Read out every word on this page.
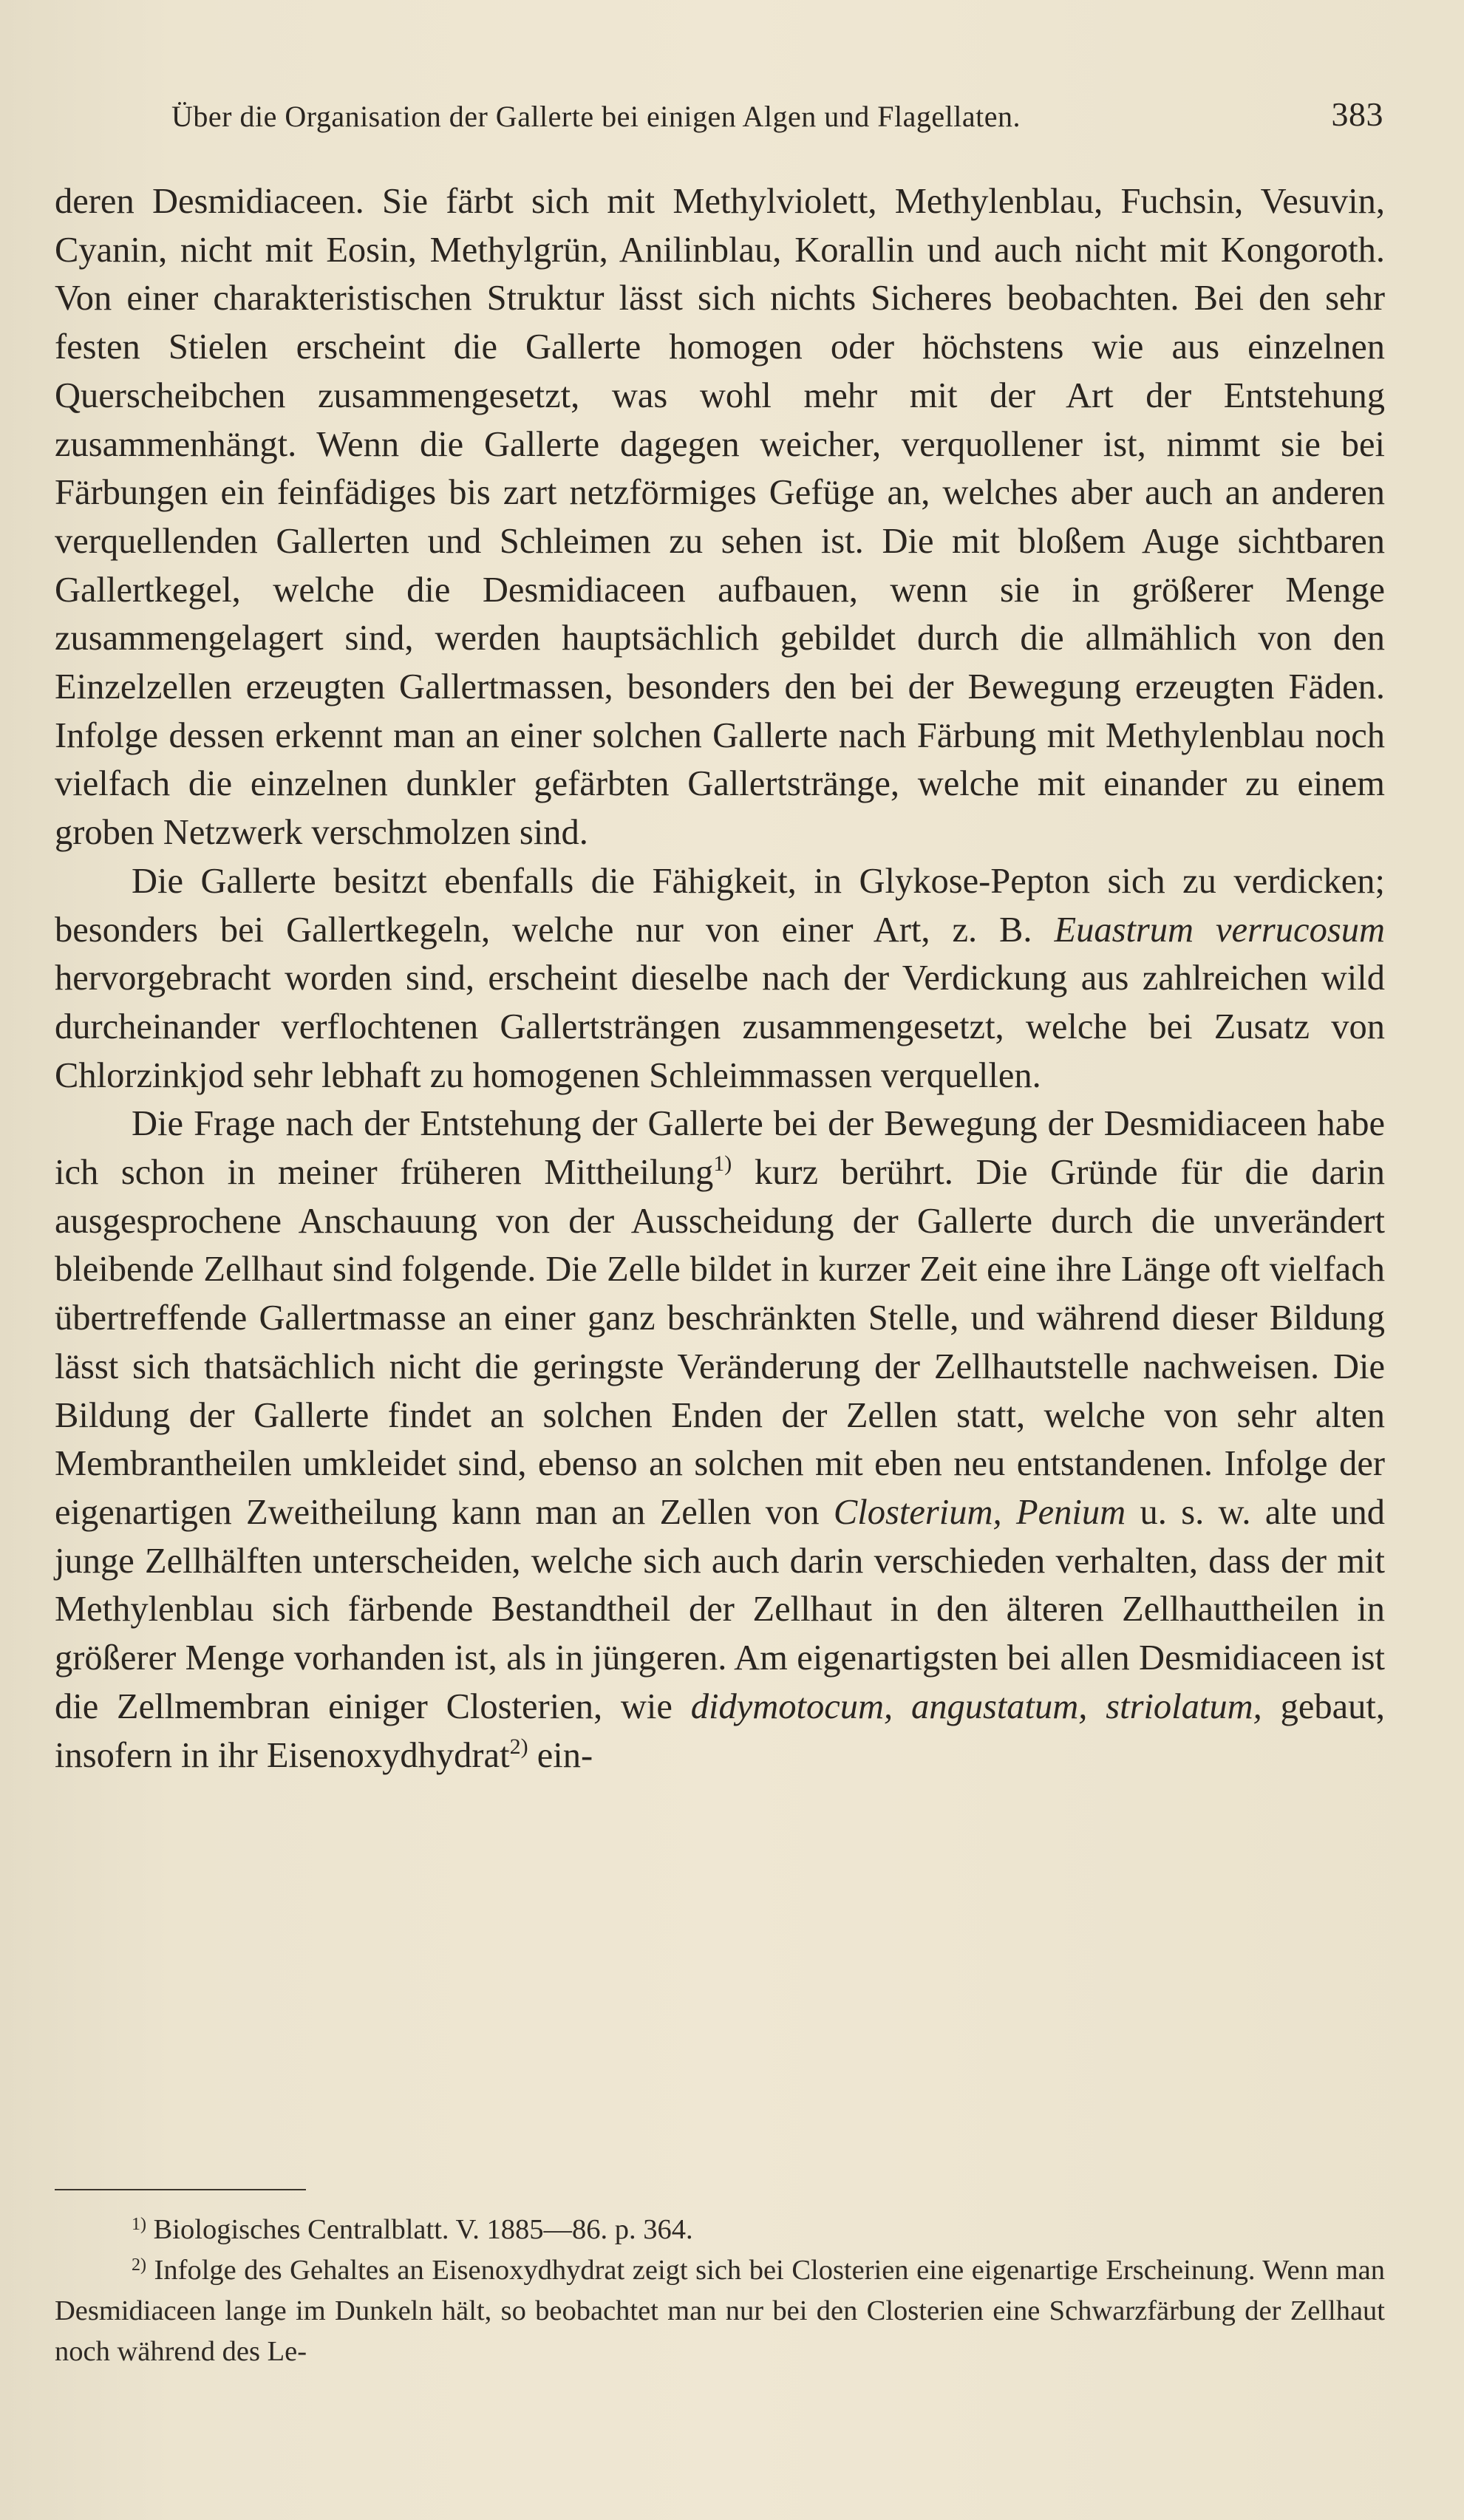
Über die Organisation der Gallerte bei einigen Algen und Flagellaten.	383

deren Desmidiaceen. Sie färbt sich mit Methylviolett, Methylenblau, Fuchsin, Vesuvin, Cyanin, nicht mit Eosin, Methylgrün, Anilinblau, Korallin und auch nicht mit Kongoroth. Von einer charakteristischen Struktur lässt sich nichts Sicheres beobachten. Bei den sehr festen Stielen erscheint die Gallerte homogen oder höchstens wie aus einzelnen Querscheibchen zusammengesetzt, was wohl mehr mit der Art der Entstehung zusammenhängt. Wenn die Gallerte dagegen weicher, verquollener ist, nimmt sie bei Färbungen ein feinfädiges bis zart netzförmiges Gefüge an, welches aber auch an anderen verquellenden Gallerten und Schleimen zu sehen ist. Die mit bloßem Auge sichtbaren Gallertkegel, welche die Desmidiaceen aufbauen, wenn sie in größerer Menge zusammengelagert sind, werden hauptsächlich gebildet durch die allmählich von den Einzelzellen erzeugten Gallertmassen, besonders den bei der Bewegung erzeugten Fäden. Infolge dessen erkennt man an einer solchen Gallerte nach Färbung mit Methylenblau noch vielfach die einzelnen dunkler gefärbten Gallertstränge, welche mit einander zu einem groben Netzwerk verschmolzen sind.

Die Gallerte besitzt ebenfalls die Fähigkeit, in Glykose-Pepton sich zu verdicken; besonders bei Gallertkegeln, welche nur von einer Art, z. B. Euastrum verrucosum hervorgebracht worden sind, erscheint dieselbe nach der Verdickung aus zahlreichen wild durcheinander verflochtenen Gallertsträngen zusammengesetzt, welche bei Zusatz von Chlorzinkjod sehr lebhaft zu homogenen Schleimmassen verquellen.

Die Frage nach der Entstehung der Gallerte bei der Bewegung der Desmidiaceen habe ich schon in meiner früheren Mittheilung$^{1)}$ kurz berührt. Die Gründe für die darin ausgesprochene Anschauung von der Ausscheidung der Gallerte durch die unverändert bleibende Zellhaut sind folgende. Die Zelle bildet in kurzer Zeit eine ihre Länge oft vielfach übertreffende Gallertmasse an einer ganz beschränkten Stelle, und während dieser Bildung lässt sich thatsächlich nicht die geringste Veränderung der Zellhautstelle nachweisen. Die Bildung der Gallerte findet an solchen Enden der Zellen statt, welche von sehr alten Membrantheilen umkleidet sind, ebenso an solchen mit eben neu entstandenen. Infolge der eigenartigen Zweitheilung kann man an Zellen von Closterium, Penium u. s. w. alte und junge Zellhälften unterscheiden, welche sich auch darin verschieden verhalten, dass der mit Methylenblau sich färbende Bestandtheil der Zellhaut in den älteren Zellhauttheilen in größerer Menge vorhanden ist, als in jüngeren. Am eigenartigsten bei allen Desmidiaceen ist die Zellmembran einiger Closterien, wie didymotocum, angustatum, striolatum, gebaut, insofern in ihr Eisenoxydhydrat$^{2)}$ ein-

$^{1)}$ Biologisches Centralblatt. V. 1885—86. p. 364.

$^{2)}$ Infolge des Gehaltes an Eisenoxydhydrat zeigt sich bei Closterien eine eigenartige Erscheinung. Wenn man Desmidiaceen lange im Dunkeln hält, so beobachtet man nur bei den Closterien eine Schwarzfärbung der Zellhaut noch während des Le-
